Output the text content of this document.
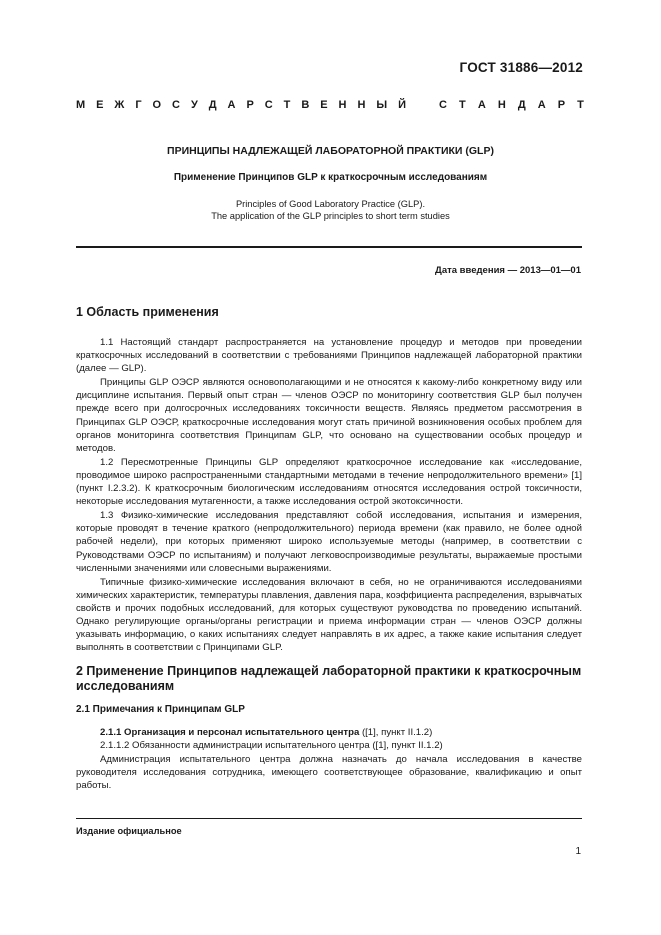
ГОСТ 31886—2012
М Е Ж Г О С У Д А Р С Т В Е Н Н Ы Й	С Т А Н Д А Р Т
ПРИНЦИПЫ НАДЛЕЖАЩЕЙ ЛАБОРАТОРНОЙ ПРАКТИКИ (GLP)
Применение Принципов GLP к краткосрочным исследованиям
Principles of Good Laboratory Practice (GLP).
The application of the GLP principles to short term studies
Дата введения — 2013—01—01
1 Область применения

1.1 Настоящий стандарт распространяется на установление процедур и методов при проведении краткосрочных исследований в соответствии с требованиями Принципов надлежащей лабораторной практики (далее — GLP).

Принципы GLP ОЭСР являются основополагающими и не относятся к какому-либо конкретному виду или дисциплине испытания. Первый опыт стран — членов ОЭСР по мониторингу соответствия GLP был получен прежде всего при долгосрочных исследованиях токсичности веществ. Являясь предметом рассмотрения в Принципах GLP ОЭСР, краткосрочные исследования могут стать причиной возникновения особых проблем для органов мониторинга соответствия Принципам GLP, что основано на существовании особых процедур и методов.

1.2 Пересмотренные Принципы GLP определяют краткосрочное исследование как «исследование, проводимое широко распространенными стандартными методами в течение непродолжительного времени» [1] (пункт I.2.3.2). К краткосрочным биологическим исследованиям относятся исследования острой токсичности, некоторые исследования мутагенности, а также исследования острой экотоксичности.

1.3 Физико-химические исследования представляют собой исследования, испытания и измерения, которые проводят в течение краткого (непродолжительного) периода времени (как правило, не более одной рабочей недели), при которых применяют широко используемые методы (например, в соответствии с Руководствами ОЭСР по испытаниям) и получают легковоспроизводимые результаты, выражаемые простыми численными значениями или словесными выражениями.

Типичные физико-химические исследования включают в себя, но не ограничиваются исследованиями химических характеристик, температуры плавления, давления пара, коэффициента распределения, взрывчатых свойств и прочих подобных исследований, для которых существуют руководства по проведению испытаний. Однако регулирующие органы/органы регистрации и приема информации стран — членов ОЭСР должны указывать информацию, о каких испытаниях следует направлять в их адрес, а также какие испытания следует выполнять в соответствии с Принципами GLP.

2 Применение Принципов надлежащей лабораторной практики к краткосрочным исследованиям
2.1 Примечания к Принципам GLP

2.1.1 Организация и персонал испытательного центра ([1], пункт II.1.2)

2.1.1.2 Обязанности администрации испытательного центра ([1], пункт II.1.2)

Администрация испытательного центра должна назначать до начала исследования в качестве руководителя исследования сотрудника, имеющего соответствующее образование, квалификацию и опыт работы.

Издание официальное
1
